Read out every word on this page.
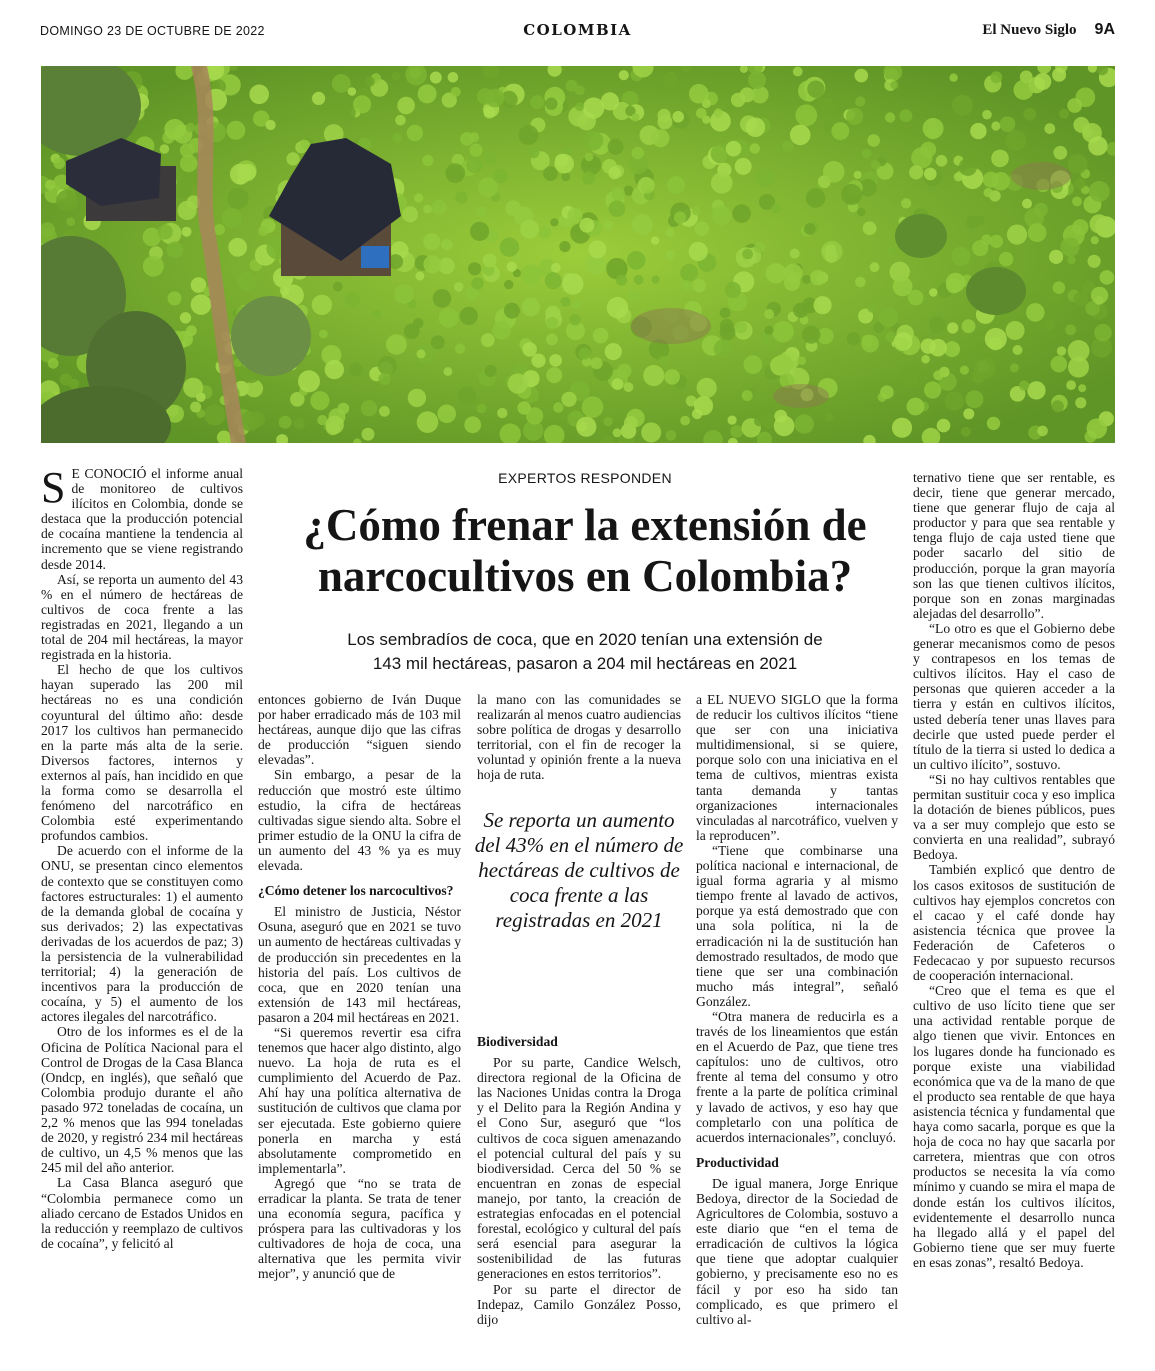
DOMINGO 23 DE OCTUBRE DE 2022	COLOMBIA	El Nuevo Siglo 9A

S E CONOCIÓ el informe anual de monitoreo de cultivos ilícitos en Colombia, donde se destaca que la producción potencial de cocaína mantiene la tendencia al incremento que se viene registrando desde 2014.

Así, se reporta un aumento del 43 % en el número de hectáreas de cultivos de coca frente a las registradas en 2021, llegando a un total de 204 mil hectáreas, la mayor registrada en la historia.

El hecho de que los cultivos hayan superado las 200 mil hectáreas no es una condición coyuntural del último año: desde 2017 los cultivos han permanecido en la parte más alta de la serie. Diversos factores, internos y externos al país, han incidido en que la forma como se desarrolla el fenómeno del narcotráfico en Colombia esté experimentando profundos cambios.

De acuerdo con el informe de la ONU, se presentan cinco elementos de contexto que se constituyen como factores estructurales: 1) el aumento de la demanda global de cocaína y sus derivados; 2) las expectativas derivadas de los acuerdos de paz; 3) la persistencia de la vulnerabilidad territorial; 4) la generación de incentivos para la producción de cocaína, y 5) el aumento de los actores ilegales del narcotráfico.

Otro de los informes es el de la Oficina de Política Nacional para el Control de Drogas de la Casa Blanca (Ondcp, en inglés), que señaló que Colombia produjo durante el año pasado 972 toneladas de cocaína, un 2,2 % menos que las 994 toneladas de 2020, y registró 234 mil hectáreas de cultivo, un 4,5 % menos que las 245 mil del año anterior.

La Casa Blanca aseguró que “Colombia permanece como un aliado cercano de Estados Unidos en la reducción y reemplazo de cultivos de cocaína”, y felicitó al

EXPERTOS RESPONDEN
¿Cómo frenar la extensión de
narcocultivos en Colombia?

Los sembradíos de coca, que en 2020 tenían una extensión de
143 mil hectáreas, pasaron a 204 mil hectáreas en 2021

entonces gobierno de Iván Duque por haber erradicado más de 103 mil hectáreas, aunque dijo que las cifras de producción “siguen siendo elevadas”.

Sin embargo, a pesar de la reducción que mostró este último estudio, la cifra de hectáreas cultivadas sigue siendo alta. Sobre el primer estudio de la ONU la cifra de un aumento del 43 % ya es muy elevada.

¿Cómo detener los narcocultivos?

El ministro de Justicia, Néstor Osuna, aseguró que en 2021 se tuvo un aumento de hectáreas cultivadas y de producción sin precedentes en la historia del país. Los cultivos de coca, que en 2020 tenían una extensión de 143 mil hectáreas, pasaron a 204 mil hectáreas en 2021.

“Si queremos revertir esa cifra tenemos que hacer algo distinto, algo nuevo. La hoja de ruta es el cumplimiento del Acuerdo de Paz. Ahí hay una política alternativa de sustitución de cultivos que clama por ser ejecutada. Este gobierno quiere ponerla en marcha y está absolutamente comprometido en implementarla”.

Agregó que “no se trata de erradicar la planta. Se trata de tener una economía segura, pacífica y próspera para las cultivadoras y los cultivadores de hoja de coca, una alternativa que les permita vivir mejor”, y anunció que de

la mano con las comunidades se realizarán al menos cuatro audiencias sobre política de drogas y desarrollo territorial, con el fin de recoger la voluntad y opinión frente a la nueva hoja de ruta.

Se reporta un aumento del 43% en el número de hectáreas de cultivos de coca frente a las registradas en 2021

Biodiversidad

Por su parte, Candice Welsch, directora regional de la Oficina de las Naciones Unidas contra la Droga y el Delito para la Región Andina y el Cono Sur, aseguró que “los cultivos de coca siguen amenazando el potencial cultural del país y su biodiversidad. Cerca del 50 % se encuentran en zonas de especial manejo, por tanto, la creación de estrategias enfocadas en el potencial forestal, ecológico y cultural del país será esencial para asegurar la sostenibilidad de las futuras generaciones en estos territorios”.

Por su parte el director de Indepaz, Camilo González Posso, dijo

a EL NUEVO SIGLO que la forma de reducir los cultivos ilícitos “tiene que ser con una iniciativa multidimensional, si se quiere, porque solo con una iniciativa en el tema de cultivos, mientras exista tanta demanda y tantas organizaciones internacionales vinculadas al narcotráfico, vuelven y la reproducen”.

“Tiene que combinarse una política nacional e internacional, de igual forma agraria y al mismo tiempo frente al lavado de activos, porque ya está demostrado que con una sola política, ni la de erradicación ni la de sustitución han demostrado resultados, de modo que tiene que ser una combinación mucho más integral”, señaló González.

“Otra manera de reducirla es a través de los lineamientos que están en el Acuerdo de Paz, que tiene tres capítulos: uno de cultivos, otro frente al tema del consumo y otro frente a la parte de política criminal y lavado de activos, y eso hay que completarlo con una política de acuerdos internacionales”, concluyó.

Productividad

De igual manera, Jorge Enrique Bedoya, director de la Sociedad de Agricultores de Colombia, sostuvo a este diario que “en el tema de erradicación de cultivos la lógica que tiene que adoptar cualquier gobierno, y precisamente eso no es fácil y por eso ha sido tan complicado, es que primero el cultivo al-

ternativo tiene que ser rentable, es decir, tiene que generar mercado, tiene que generar flujo de caja al productor y para que sea rentable y tenga flujo de caja usted tiene que poder sacarlo del sitio de producción, porque la gran mayoría son las que tienen cultivos ilícitos, porque son en zonas marginadas alejadas del desarrollo”.

“Lo otro es que el Gobierno debe generar mecanismos como de pesos y contrapesos en los temas de cultivos ilícitos. Hay el caso de personas que quieren acceder a la tierra y están en cultivos ilícitos, usted debería tener unas llaves para decirle que usted puede perder el título de la tierra si usted lo dedica a un cultivo ilícito”, sostuvo.

“Si no hay cultivos rentables que permitan sustituir coca y eso implica la dotación de bienes públicos, pues va a ser muy complejo que esto se convierta en una realidad”, subrayó Bedoya.

También explicó que dentro de los casos exitosos de sustitución de cultivos hay ejemplos concretos con el cacao y el café donde hay asistencia técnica que provee la Federación de Cafeteros o Fedecacao y por supuesto recursos de cooperación internacional.

“Creo que el tema es que el cultivo de uso lícito tiene que ser una actividad rentable porque de algo tienen que vivir. Entonces en los lugares donde ha funcionado es porque existe una viabilidad económica que va de la mano de que el producto sea rentable de que haya asistencia técnica y fundamental que haya como sacarla, porque es que la hoja de coca no hay que sacarla por carretera, mientras que con otros productos se necesita la vía como mínimo y cuando se mira el mapa de donde están los cultivos ilícitos, evidentemente el desarrollo nunca ha llegado allá y el papel del Gobierno tiene que ser muy fuerte en esas zonas”, resaltó Bedoya.
